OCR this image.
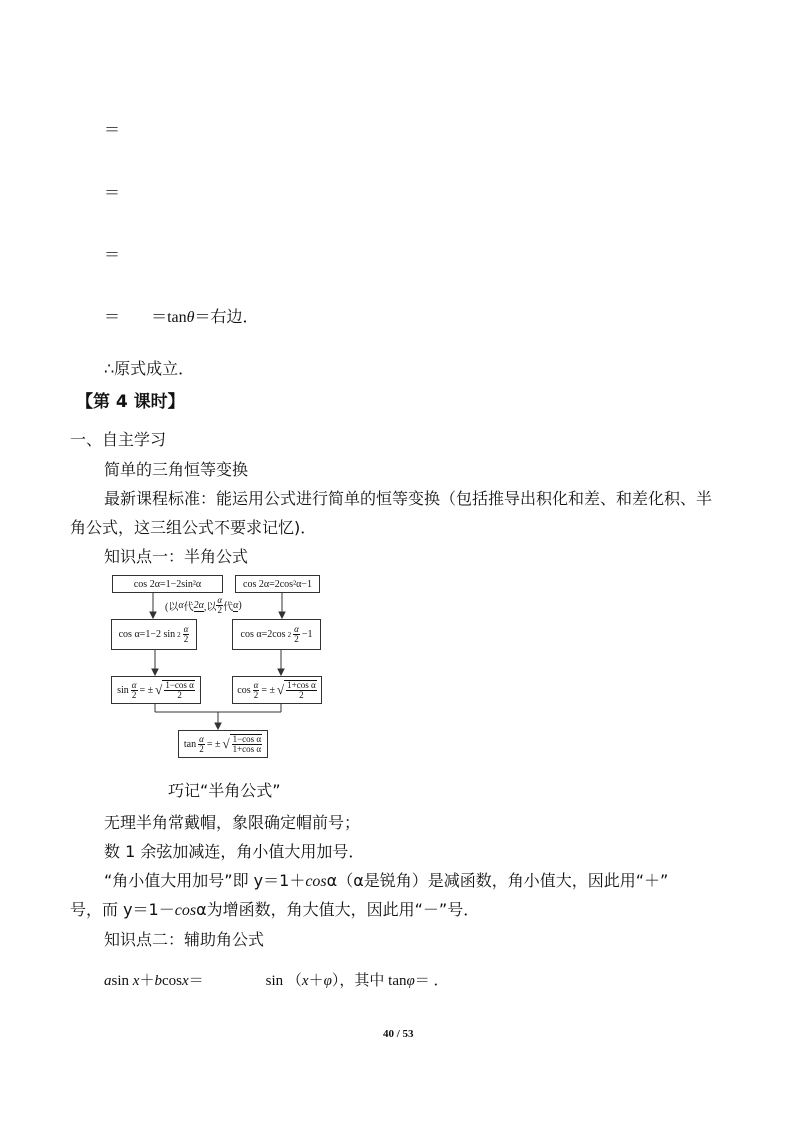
＝
＝
＝
＝ ＝tanθ＝右边．
∴原式成立．
【第 4 课时】
一、自主学习
简单的三角恒等变换
最新课程标准：能运用公式进行简单的恒等变换（包括推导出积化和差、和差化积、半
角公式，这三组公式不要求记忆)．
知识点一：半角公式
cos 2α=1−2sin²α	cos 2α=2cos²α−1
(以 α 代 2α ,以 $\frac{\alpha}{2}$ 代 α )
cos α=1−2 $\sin 2 \frac{\alpha}{2}$	cos α=2cos $2 \frac{\alpha}{2} -1$
$\sin \frac{\alpha}{2}$ = ± √ $\frac{\text{1−cos α}}{2}$	$\cos \frac{\alpha}{2}$ = ± √ $\frac{\text{1+cos α}}{2}$
$\tan \frac{\alpha}{2}$ = ± √ $\frac{\text{1−cos α}}{\text{1+cos α}}$
巧记“半角公式”
无理半角常戴帽，象限确定帽前号；
数 1 余弦加减连，角小值大用加号．
“角小值大用加号”即 y＝1＋cosα（α是锐角）是减函数，角小值大，因此用“＋”
号，而 y＝1－cosα为增函数，角大值大，因此用“－”号．
知识点二：辅助角公式
asin x＋bcosx＝	sin （x＋φ），其中 tanφ＝ ．
40 / 53
